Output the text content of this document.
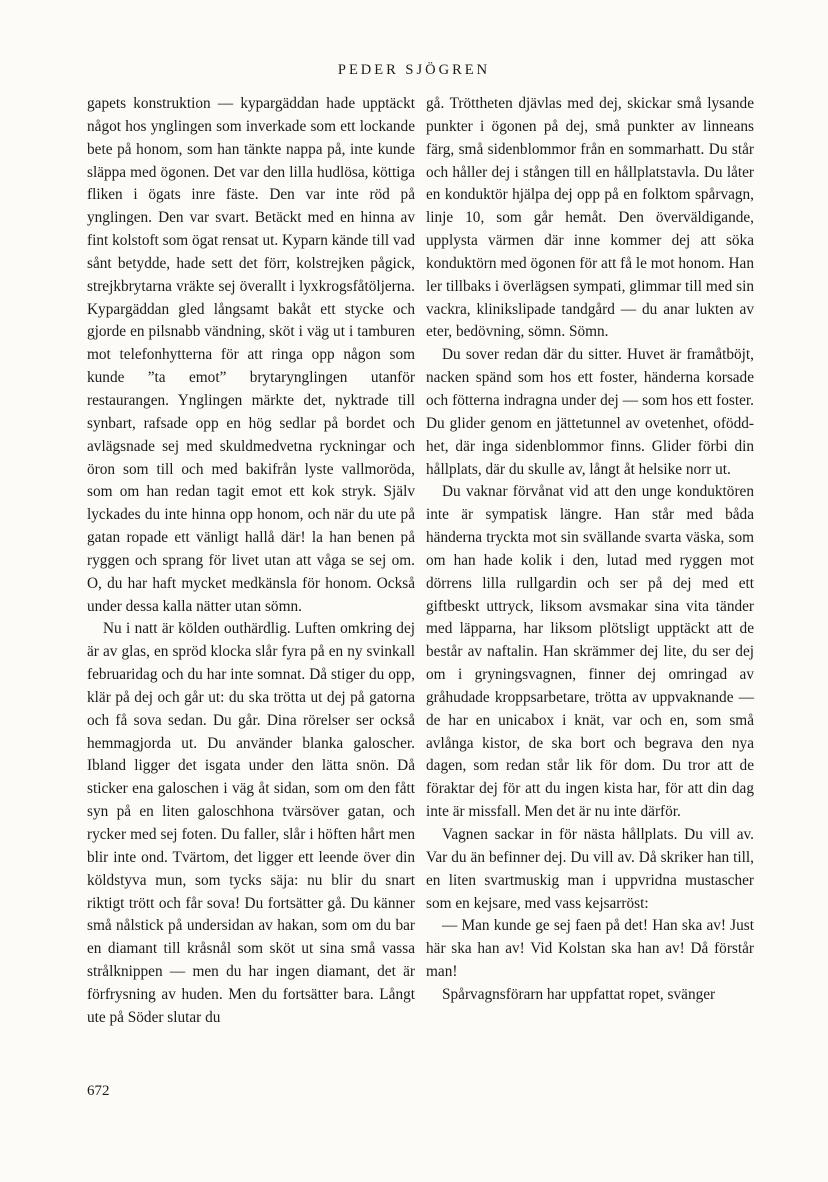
PEDER SJÖGREN

gapets konstruktion — kypargäddan hade upptäckt något hos ynglingen som inverkade som ett lockande bete på honom, som han tänkte nappa på, inte kunde släppa med ögonen. Det var den lilla hudlösa, köttiga fliken i ögats inre fäste. Den var inte röd på ynglingen. Den var svart. Betäckt med en hinna av fint kolstoft som ögat rensat ut. Kyparn kände till vad sånt betydde, hade sett det förr, kolstrejken pågick, strejkbrytarna vräkte sej överallt i lyxkrogsfåtöljerna. Kypargäddan gled långsamt bakåt ett stycke och gjorde en pilsnabb vändning, sköt i väg ut i tamburen mot telefonhytterna för att ringa opp någon som kunde ”ta emot” brytarynglingen utanför restaurangen. Ynglingen märkte det, nyktrade till synbart, rafsade opp en hög sedlar på bordet och avlägsnade sej med skuldmedvetna ryckningar och öron som till och med bakifrån lyste vallmoröda, som om han redan tagit emot ett kok stryk. Själv lyckades du inte hinna opp honom, och när du ute på gatan ropade ett vänligt hallå där! la han benen på ryggen och sprang för livet utan att våga se sej om. O, du har haft mycket medkänsla för honom. Också under dessa kalla nätter utan sömn.

Nu i natt är kölden outhärdlig. Luften omkring dej är av glas, en spröd klocka slår fyra på en ny svinkall februaridag och du har inte somnat. Då stiger du opp, klär på dej och går ut: du ska trötta ut dej på gatorna och få sova sedan. Du går. Dina rörelser ser också hemmagjorda ut. Du använder blanka galoscher. Ibland ligger det isgata under den lätta snön. Då sticker ena galoschen i väg åt sidan, som om den fått syn på en liten galoschhona tvärsöver gatan, och rycker med sej foten. Du faller, slår i höften hårt men blir inte ond. Tvärtom, det ligger ett leende över din köldstyva mun, som tycks säja: nu blir du snart riktigt trött och får sova! Du fortsätter gå. Du känner små nålstick på undersidan av hakan, som om du bar en diamant till kråsnål som sköt ut sina små vassa strålknippen — men du har ingen diamant, det är förfrysning av huden. Men du fortsätter bara. Långt ute på Söder slutar du

gå. Tröttheten djävlas med dej, skickar små lysande punkter i ögonen på dej, små punkter av linneans färg, små sidenblommor från en sommarhatt. Du står och håller dej i stången till en hållplatstavla. Du låter en konduktör hjälpa dej opp på en folktom spårvagn, linje 10, som går hemåt. Den överväldigande, upplysta värmen där inne kommer dej att söka konduktörn med ögonen för att få le mot honom. Han ler tillbaks i överlägsen sympati, glimmar till med sin vackra, klinikslipade tandgård — du anar lukten av eter, bedövning, sömn. Sömn.

Du sover redan där du sitter. Huvet är framåtböjt, nacken spänd som hos ett foster, händerna korsade och fötterna indragna under dej — som hos ett foster. Du glider genom en jättetunnel av ovetenhet, oföddhet, där inga sidenblommor finns. Glider förbi din hållplats, där du skulle av, långt åt helsike norr ut.

Du vaknar förvånat vid att den unge konduktören inte är sympatisk längre. Han står med båda händerna tryckta mot sin svällande svarta väska, som om han hade kolik i den, lutad med ryggen mot dörrens lilla rullgardin och ser på dej med ett giftbeskt uttryck, liksom avsmakar sina vita tänder med läpparna, har liksom plötsligt upptäckt att de består av naftalin. Han skrämmer dej lite, du ser dej om i gryningsvagnen, finner dej omringad av gråhudade kroppsarbetare, trötta av uppvaknande — de har en unicabox i knät, var och en, som små avlånga kistor, de ska bort och begrava den nya dagen, som redan står lik för dom. Du tror att de föraktar dej för att du ingen kista har, för att din dag inte är missfall. Men det är nu inte därför.

Vagnen sackar in för nästa hållplats. Du vill av. Var du än befinner dej. Du vill av. Då skriker han till, en liten svartmuskig man i uppvridna mustascher som en kejsare, med vass kejsarröst:

— Man kunde ge sej faen på det! Han ska av! Just här ska han av! Vid Kolstan ska han av! Då förstår man!

Spårvagnsförarn har uppfattat ropet, svänger

672
